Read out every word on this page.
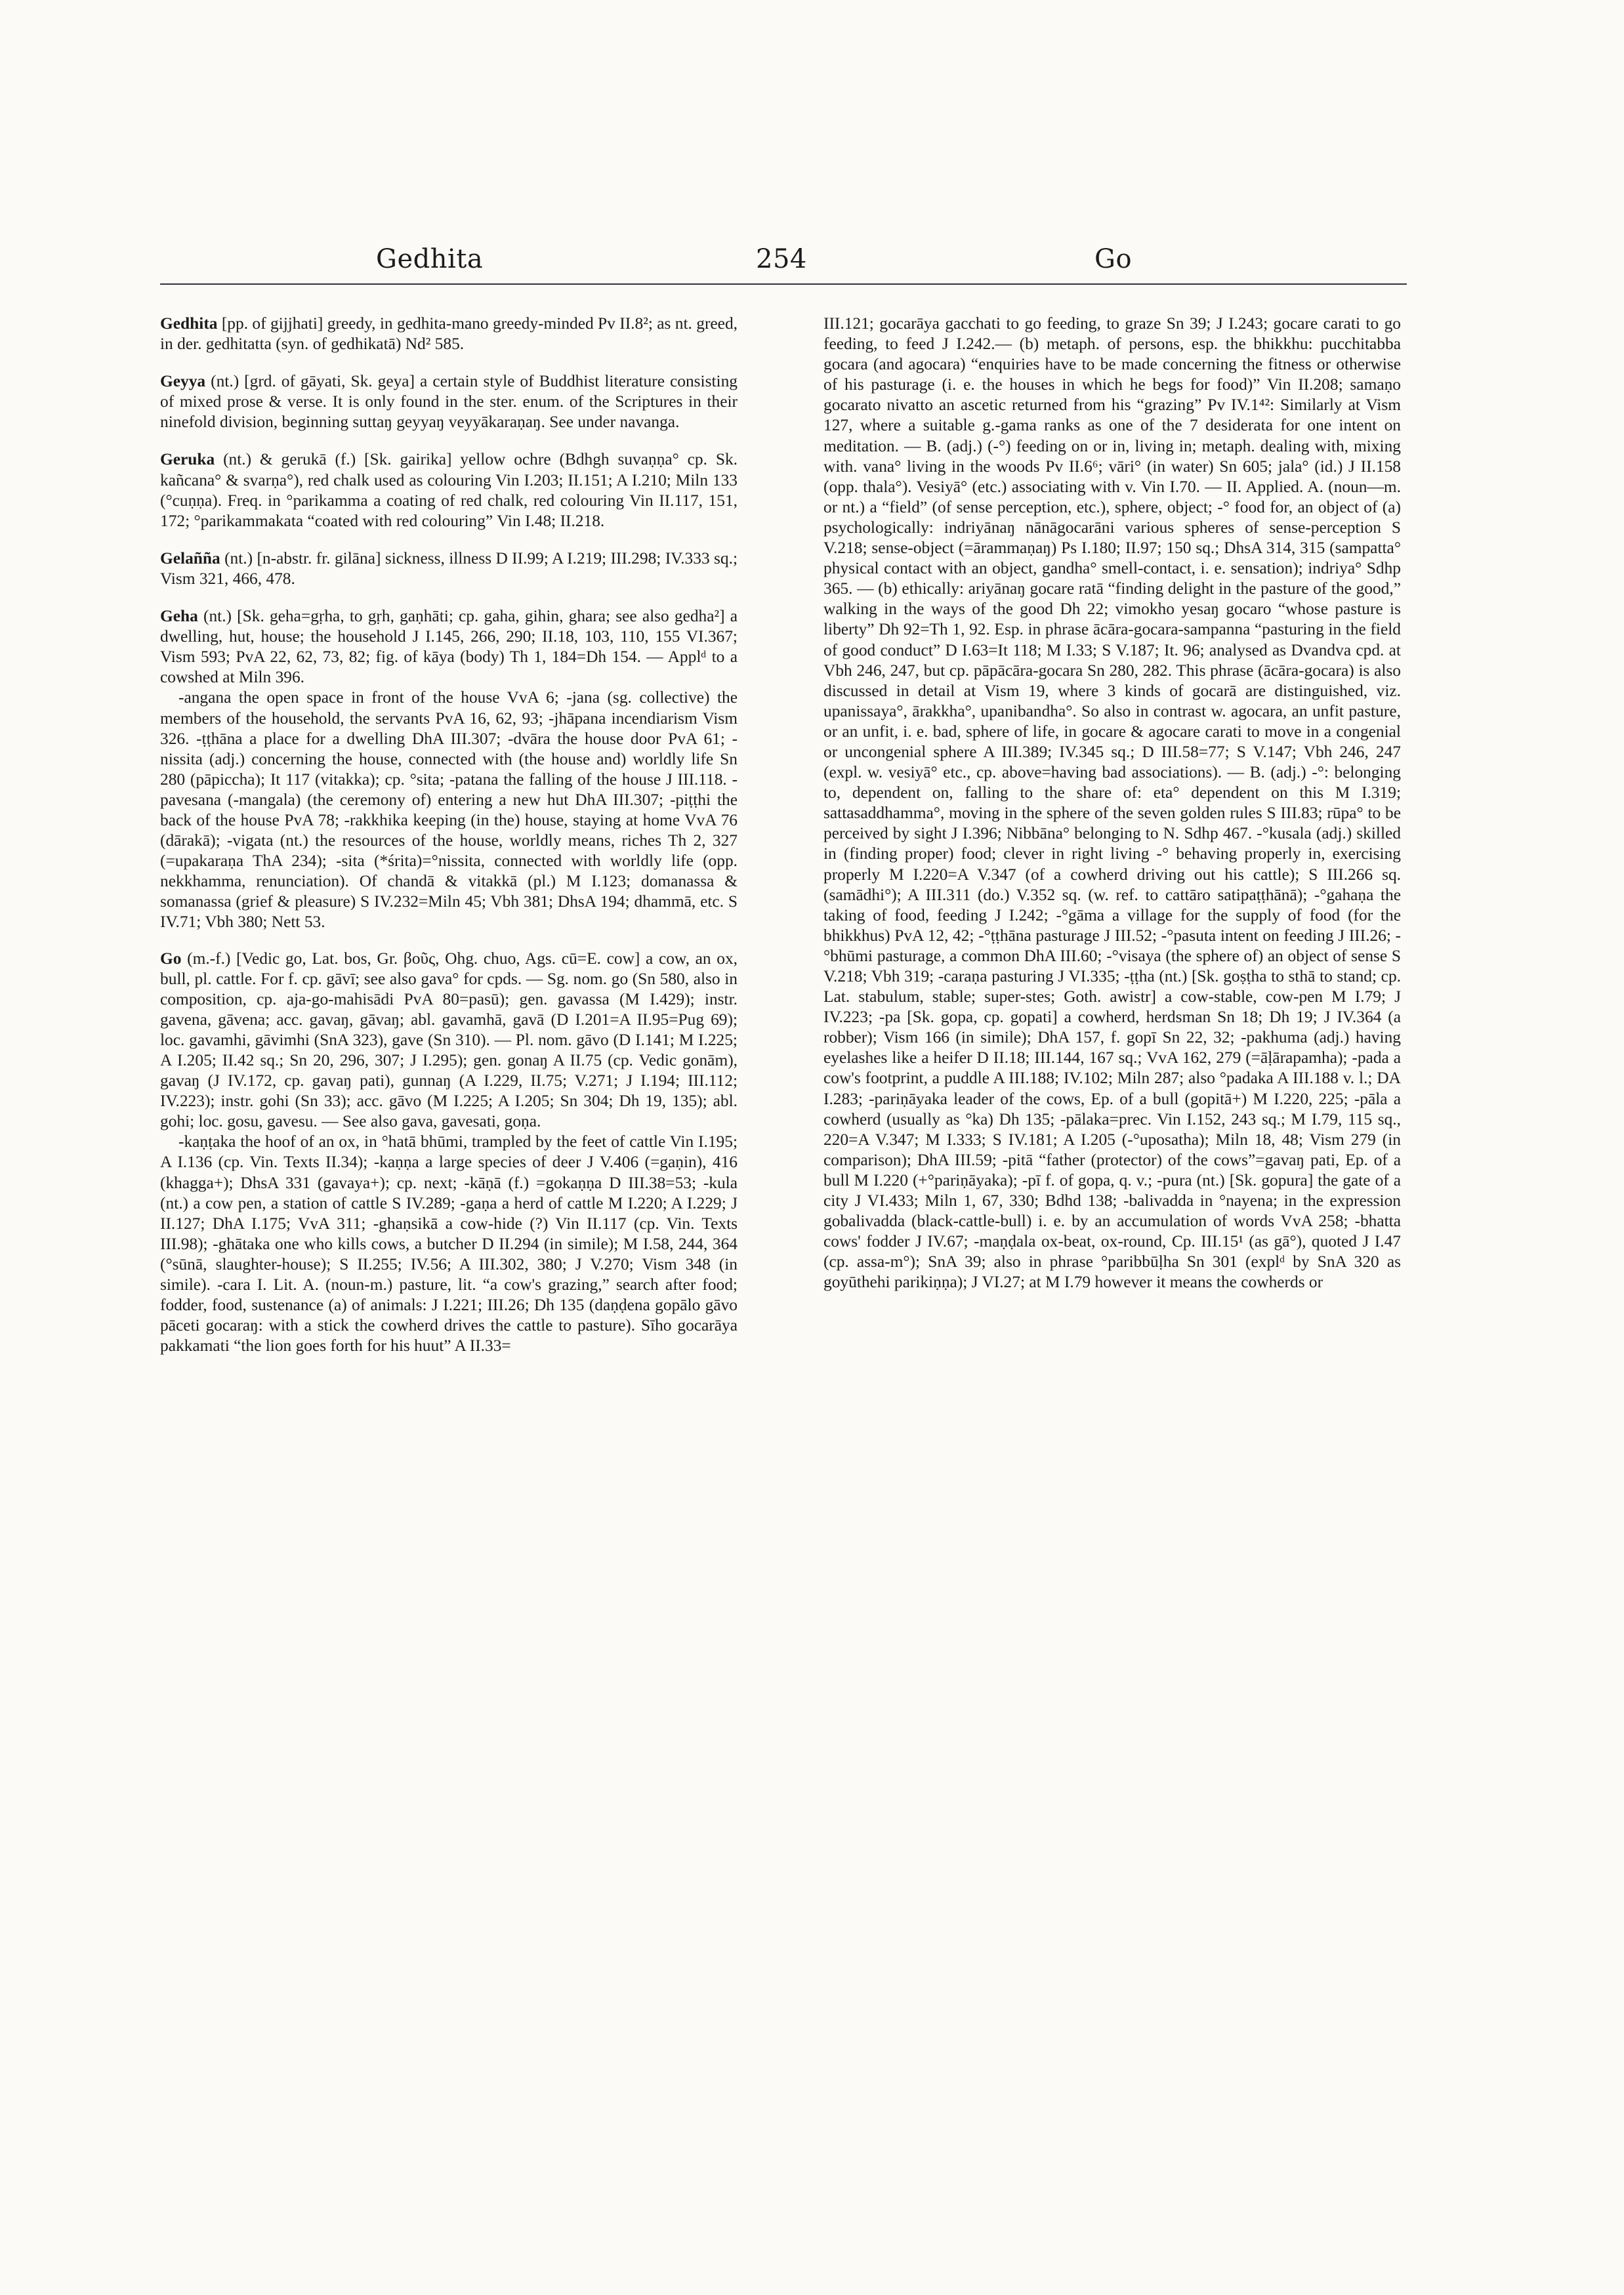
Gedhita	254	Go

Gedhita [pp. of gijjhati] greedy, in gedhita-mano greedy-minded Pv II.8²; as nt. greed, in der. gedhitatta (syn. of gedhikatā) Nd² 585.

Geyya (nt.) [grd. of gāyati, Sk. geya] a certain style of Buddhist literature consisting of mixed prose & verse. It is only found in the ster. enum. of the Scriptures in their ninefold division, beginning suttaŋ geyyaŋ veyyākaraṇaŋ. See under navanga.

Geruka (nt.) & gerukā (f.) [Sk. gairika] yellow ochre (Bdhgh suvaṇṇa° cp. Sk. kañcana° & svarṇa°), red chalk used as colouring Vin I.203; II.151; A I.210; Miln 133 (°cuṇṇa). Freq. in °parikamma a coating of red chalk, red colouring Vin II.117, 151, 172; °parikammakata “coated with red colouring” Vin I.48; II.218.

Gelañña (nt.) [n-abstr. fr. gilāna] sickness, illness D II.99; A I.219; III.298; IV.333 sq.; Vism 321, 466, 478.

Geha (nt.) [Sk. geha=gṛha, to gṛh, gaṇhāti; cp. gaha, gihin, ghara; see also gedha²] a dwelling, hut, house; the household J I.145, 266, 290; II.18, 103, 110, 155 VI.367; Vism 593; PvA 22, 62, 73, 82; fig. of kāya (body) Th 1, 184=Dh 154. — Applᵈ to a cowshed at Miln 396.

-angana the open space in front of the house VvA 6; -jana (sg. collective) the members of the household, the servants PvA 16, 62, 93; -jhāpana incendiarism Vism 326. -ṭṭhāna a place for a dwelling DhA III.307; -dvāra the house door PvA 61; -nissita (adj.) concerning the house, connected with (the house and) worldly life Sn 280 (pāpiccha); It 117 (vitakka); cp. °sita; -patana the falling of the house J III.118. -pavesana (-mangala) (the ceremony of) entering a new hut DhA III.307; -piṭṭhi the back of the house PvA 78; -rakkhika keeping (in the) house, staying at home VvA 76 (dārakā); -vigata (nt.) the resources of the house, worldly means, riches Th 2, 327 (=upakaraṇa ThA 234); -sita (*śrita)=°nissita, connected with worldly life (opp. nekkhamma, renunciation). Of chandā & vitakkā (pl.) M I.123; domanassa & somanassa (grief & pleasure) S IV.232=Miln 45; Vbh 381; DhsA 194; dhammā, etc. S IV.71; Vbh 380; Nett 53.

Go (m.-f.) [Vedic go, Lat. bos, Gr. βοῦς, Ohg. chuo, Ags. cū=E. cow] a cow, an ox, bull, pl. cattle. For f. cp. gāvī; see also gava° for cpds. — Sg. nom. go (Sn 580, also in composition, cp. aja-go-mahisādi PvA 80=pasū); gen. gavassa (M I.429); instr. gavena, gāvena; acc. gavaŋ, gāvaŋ; abl. gavamhā, gavā (D I.201=A II.95=Pug 69); loc. gavamhi, gāvimhi (SnA 323), gave (Sn 310). — Pl. nom. gāvo (D I.141; M I.225; A I.205; II.42 sq.; Sn 20, 296, 307; J I.295); gen. gonaŋ A II.75 (cp. Vedic gonām), gavaŋ (J IV.172, cp. gavaŋ pati), gunnaŋ (A I.229, II.75; V.271; J I.194; III.112; IV.223); instr. gohi (Sn 33); acc. gāvo (M I.225; A I.205; Sn 304; Dh 19, 135); abl. gohi; loc. gosu, gavesu. — See also gava, gavesati, goṇa.

-kaṇṭaka the hoof of an ox, in °hatā bhūmi, trampled by the feet of cattle Vin I.195; A I.136 (cp. Vin. Texts II.34); -kaṇṇa a large species of deer J V.406 (=gaṇin), 416 (khagga+); DhsA 331 (gavaya+); cp. next; -kāṇā (f.) =gokaṇṇa D III.38=53; -kula (nt.) a cow pen, a station of cattle S IV.289; -gaṇa a herd of cattle M I.220; A I.229; J II.127; DhA I.175; VvA 311; -ghaṇsikā a cow-hide (?) Vin II.117 (cp. Vin. Texts III.98); -ghātaka one who kills cows, a butcher D II.294 (in simile); M I.58, 244, 364 (°sūnā, slaughter-house); S II.255; IV.56; A III.302, 380; J V.270; Vism 348 (in simile). -cara I. Lit. A. (noun-m.) pasture, lit. “a cow's grazing,” search after food; fodder, food, sustenance (a) of animals: J I.221; III.26; Dh 135 (daṇḍena gopālo gāvo pāceti gocaraŋ: with a stick the cowherd drives the cattle to pasture). Sīho gocarāya pakkamati “the lion goes forth for his huut” A II.33=

III.121; gocarāya gacchati to go feeding, to graze Sn 39; J I.243; gocare carati to go feeding, to feed J I.242.— (b) metaph. of persons, esp. the bhikkhu: pucchitabba gocara (and agocara) “enquiries have to be made concerning the fitness or otherwise of his pasturage (i. e. the houses in which he begs for food)” Vin II.208; samaṇo gocarato nivatto an ascetic returned from his “grazing” Pv IV.1⁴²: Similarly at Vism 127, where a suitable g.-gama ranks as one of the 7 desiderata for one intent on meditation. — B. (adj.) (-°) feeding on or in, living in; metaph. dealing with, mixing with. vana° living in the woods Pv II.6⁶; vāri° (in water) Sn 605; jala° (id.) J II.158 (opp. thala°). Vesiyā° (etc.) associating with v. Vin I.70. — II. Applied. A. (noun—m. or nt.) a “field” (of sense perception, etc.), sphere, object; -° food for, an object of (a) psychologically: indriyānaŋ nānāgocarāni various spheres of sense-perception S V.218; sense-object (=ārammaṇaŋ) Ps I.180; II.97; 150 sq.; DhsA 314, 315 (sampatta° physical contact with an object, gandha° smell-contact, i. e. sensation); indriya° Sdhp 365. — (b) ethically: ariyānaŋ gocare ratā “finding delight in the pasture of the good,” walking in the ways of the good Dh 22; vimokho yesaŋ gocaro “whose pasture is liberty” Dh 92=Th 1, 92. Esp. in phrase ācāra-gocara-sampanna “pasturing in the field of good conduct” D I.63=It 118; M I.33; S V.187; It. 96; analysed as Dvandva cpd. at Vbh 246, 247, but cp. pāpācāra-gocara Sn 280, 282. This phrase (ācāra-gocara) is also discussed in detail at Vism 19, where 3 kinds of gocarā are distinguished, viz. upanissaya°, ārakkha°, upanibandha°. So also in contrast w. agocara, an unfit pasture, or an unfit, i. e. bad, sphere of life, in gocare & agocare carati to move in a congenial or uncongenial sphere A III.389; IV.345 sq.; D III.58=77; S V.147; Vbh 246, 247 (expl. w. vesiyā° etc., cp. above=having bad associations). — B. (adj.) -°: belonging to, dependent on, falling to the share of: eta° dependent on this M I.319; sattasaddhamma°, moving in the sphere of the seven golden rules S III.83; rūpa° to be perceived by sight J I.396; Nibbāna° belonging to N. Sdhp 467. -°kusala (adj.) skilled in (finding proper) food; clever in right living -° behaving properly in, exercising properly M I.220=A V.347 (of a cowherd driving out his cattle); S III.266 sq. (samādhi°); A III.311 (do.) V.352 sq. (w. ref. to cattāro satipaṭṭhānā); -°gahaṇa the taking of food, feeding J I.242; -°gāma a village for the supply of food (for the bhikkhus) PvA 12, 42; -°ṭṭhāna pasturage J III.52; -°pasuta intent on feeding J III.26; -°bhūmi pasturage, a common DhA III.60; -°visaya (the sphere of) an object of sense S V.218; Vbh 319; -caraṇa pasturing J VI.335; -ṭṭha (nt.) [Sk. goṣṭha to sthā to stand; cp. Lat. stabulum, stable; super-stes; Goth. awistr] a cow-stable, cow-pen M I.79; J IV.223; -pa [Sk. gopa, cp. gopati] a cowherd, herdsman Sn 18; Dh 19; J IV.364 (a robber); Vism 166 (in simile); DhA 157, f. gopī Sn 22, 32; -pakhuma (adj.) having eyelashes like a heifer D II.18; III.144, 167 sq.; VvA 162, 279 (=āḷārapamha); -pada a cow's footprint, a puddle A III.188; IV.102; Miln 287; also °padaka A III.188 v. l.; DA I.283; -pariṇāyaka leader of the cows, Ep. of a bull (gopitā+) M I.220, 225; -pāla a cowherd (usually as °ka) Dh 135; -pālaka=prec. Vin I.152, 243 sq.; M I.79, 115 sq., 220=A V.347; M I.333; S IV.181; A I.205 (-°uposatha); Miln 18, 48; Vism 279 (in comparison); DhA III.59; -pitā “father (protector) of the cows”=gavaŋ pati, Ep. of a bull M I.220 (+°pariṇāyaka); -pī f. of gopa, q. v.; -pura (nt.) [Sk. gopura] the gate of a city J VI.433; Miln 1, 67, 330; Bdhd 138; -balivadda in °nayena; in the expression gobalivadda (black-cattle-bull) i. e. by an accumulation of words VvA 258; -bhatta cows' fodder J IV.67; -maṇḍala ox-beat, ox-round, Cp. III.15¹ (as gā°), quoted J I.47 (cp. assa-m°); SnA 39; also in phrase °paribbūḷha Sn 301 (explᵈ by SnA 320 as goyūthehi parikiṇṇa); J VI.27; at M I.79 however it means the cowherds or
